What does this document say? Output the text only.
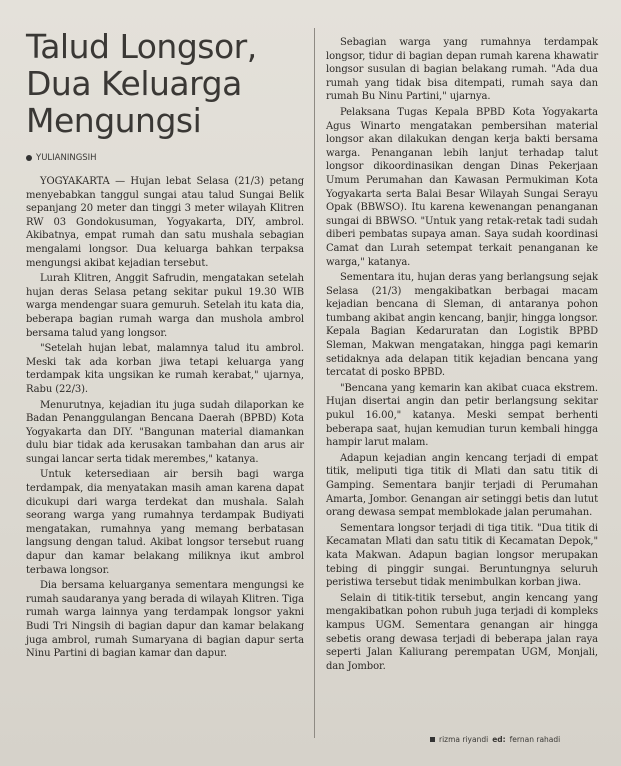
Talud Longsor,
Dua Keluarga
Mengungsi
YULIANINGSIH

YOGYAKARTA — Hujan lebat Selasa (21/3) petang menyebabkan tanggul sungai atau talud Sungai Belik sepanjang 20 meter dan tinggi 3 meter wilayah Klitren RW 03 Gondokusuman, Yogyakarta, DIY, ambrol. Akibatnya, empat rumah dan satu mushala sebagian mengalami longsor. Dua keluarga bahkan terpaksa mengungsi akibat kejadian tersebut.

Lurah Klitren, Anggit Safrudin, mengatakan setelah hujan deras Selasa petang sekitar pukul 19.30 WIB warga mendengar suara gemuruh. Setelah itu kata dia, beberapa bagian rumah warga dan mushola ambrol bersama talud yang longsor.

"Setelah hujan lebat, malamnya talud itu ambrol. Meski tak ada korban jiwa tetapi keluarga yang terdampak kita ungsikan ke rumah kerabat," ujarnya, Rabu (22/3).

Menurutnya, kejadian itu juga sudah dilaporkan ke Badan Penanggulangan Bencana Daerah (BPBD) Kota Yogyakarta dan DIY. "Bangunan material diamankan dulu biar tidak ada kerusakan tambahan dan arus air sungai lancar serta tidak merembes," katanya.

Untuk ketersediaan air bersih bagi warga terdampak, dia menyatakan masih aman karena dapat dicukupi dari warga terdekat dan mushala. Salah seorang warga yang rumahnya terdampak Budiyati mengatakan, rumahnya yang memang berbatasan langsung dengan talud. Akibat longsor tersebut ruang dapur dan kamar belakang miliknya ikut ambrol terbawa longsor.

Dia bersama keluarganya sementara mengungsi ke rumah saudaranya yang berada di wilayah Klitren. Tiga rumah warga lainnya yang terdampak longsor yakni Budi Tri Ningsih di bagian dapur dan kamar belakang juga ambrol, rumah Sumaryana di bagian dapur serta Ninu Partini di bagian kamar dan dapur.

Sebagian warga yang rumahnya terdampak longsor, tidur di bagian depan rumah karena khawatir longsor susulan di bagian belakang rumah. "Ada dua rumah yang tidak bisa ditempati, rumah saya dan rumah Bu Ninu Partini," ujarnya.

Pelaksana Tugas Kepala BPBD Kota Yogyakarta Agus Winarto mengatakan pembersihan material longsor akan dilakukan dengan kerja bakti bersama warga. Penanganan lebih lanjut terhadap talut longsor dikoordinasikan dengan Dinas Pekerjaan Umum Perumahan dan Kawasan Permukiman Kota Yogyakarta serta Balai Besar Wilayah Sungai Serayu Opak (BBWSO). Itu karena kewenangan penanganan sungai di BBWSO. "Untuk yang retak-retak tadi sudah diberi pembatas supaya aman. Saya sudah koordinasi Camat dan Lurah setempat terkait penanganan ke warga," katanya.

Sementara itu, hujan deras yang berlangsung sejak Selasa (21/3) mengakibatkan berbagai macam kejadian bencana di Sleman, di antaranya pohon tumbang akibat angin kencang, banjir, hingga longsor. Kepala Bagian Kedaruratan dan Logistik BPBD Sleman, Makwan mengatakan, hingga pagi kemarin setidaknya ada delapan titik kejadian bencana yang tercatat di posko BPBD.

"Bencana yang kemarin kan akibat cuaca ekstrem. Hujan disertai angin dan petir berlangsung sekitar pukul 16.00," katanya. Meski sempat berhenti beberapa saat, hujan kemudian turun kembali hingga hampir larut malam.

Adapun kejadian angin kencang terjadi di empat titik, meliputi tiga titik di Mlati dan satu titik di Gamping. Sementara banjir terjadi di Perumahan Amarta, Jombor. Genangan air setinggi betis dan lutut orang dewasa sempat memblokade jalan perumahan.

Sementara longsor terjadi di tiga titik. "Dua titik di Kecamatan Mlati dan satu titik di Kecamatan Depok," kata Makwan. Adapun bagian longsor merupakan tebing di pinggir sungai. Beruntungnya seluruh peristiwa tersebut tidak menimbulkan korban jiwa.

Selain di titik-titik tersebut, angin kencang yang mengakibatkan pohon rubuh juga terjadi di kompleks kampus UGM. Sementara genangan air hingga sebetis orang dewasa terjadi di beberapa jalan raya seperti Jalan Kaliurang perempatan UGM, Monjali, dan Jombor.

rizma riyandi ed: fernan rahadi
